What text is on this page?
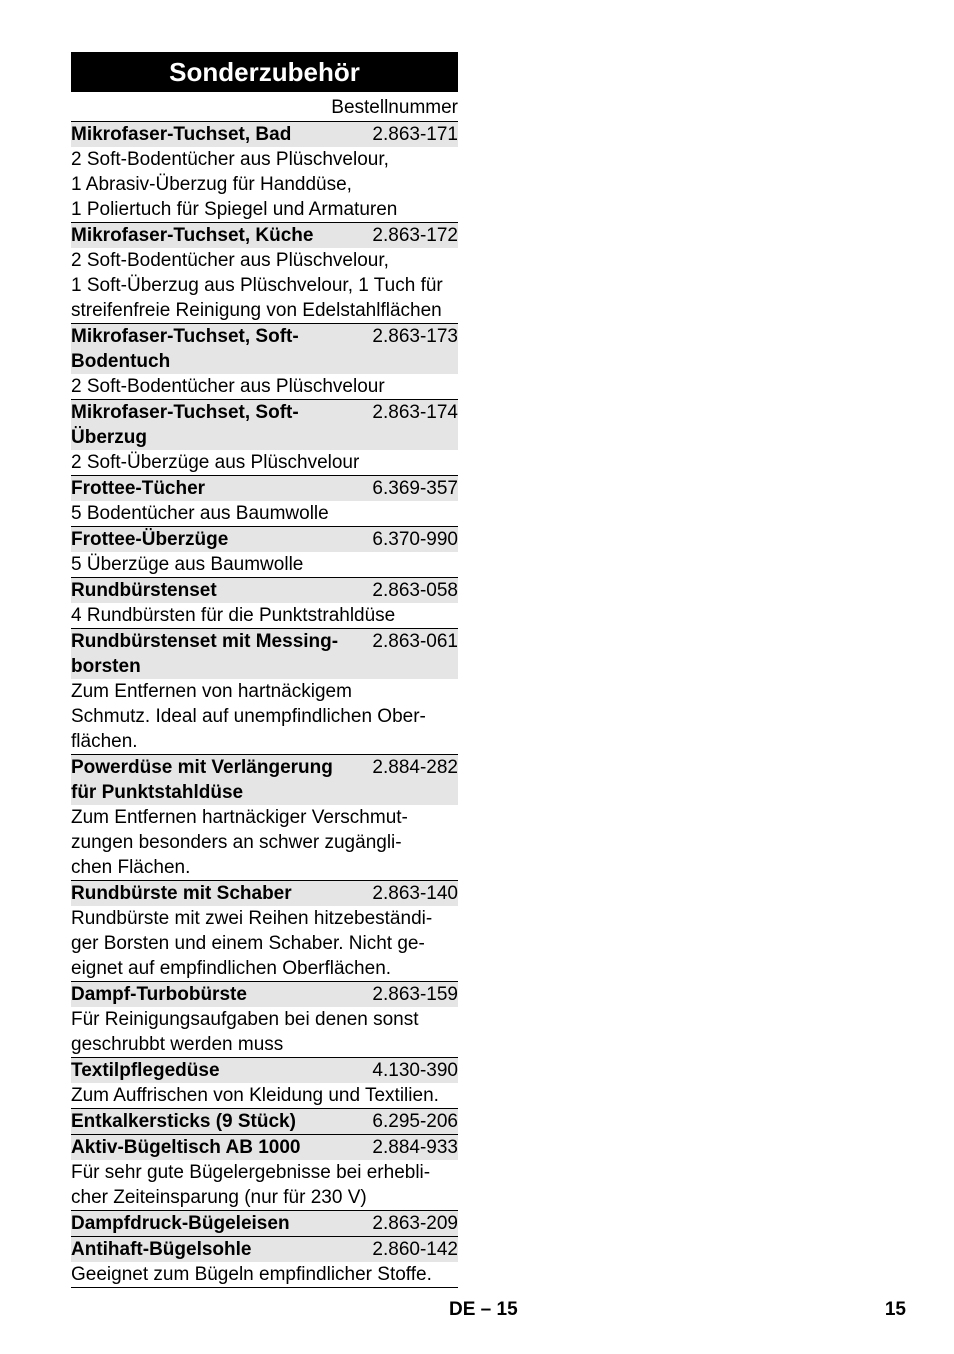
Sonderzubehör
Bestellnummer
Mikrofaser-Tuchset, Bad	2.863-171
2 Soft-Bodentücher aus Plüschvelour,
1 Abrasiv-Überzug für Handdüse,
1 Poliertuch für Spiegel und Armaturen
Mikrofaser-Tuchset, Küche	2.863-172
2 Soft-Bodentücher aus Plüschvelour,
1 Soft-Überzug aus Plüschvelour, 1 Tuch für
streifenfreie Reinigung von Edelstahlflächen
Mikrofaser-Tuchset, Soft-
Bodentuch
2.863-173
2 Soft-Bodentücher aus Plüschvelour
Mikrofaser-Tuchset, Soft-
Überzug
2.863-174
2 Soft-Überzüge aus Plüschvelour
Frottee-Tücher	6.369-357
5 Bodentücher aus Baumwolle
Frottee-Überzüge	6.370-990
5 Überzüge aus Baumwolle
Rundbürstenset	2.863-058
4 Rundbürsten für die Punktstrahldüse
Rundbürstenset mit Messing-
borsten
2.863-061
Zum Entfernen von hartnäckigem
Schmutz. Ideal auf unempfindlichen Ober-
flächen.
Powerdüse mit Verlängerung
für Punktstahldüse
2.884-282
Zum Entfernen hartnäckiger Verschmut-
zungen besonders an schwer zugängli-
chen Flächen.
Rundbürste mit Schaber	2.863-140
Rundbürste mit zwei Reihen hitzebeständi-
ger Borsten und einem Schaber. Nicht ge-
eignet auf empfindlichen Oberflächen.
Dampf-Turbobürste	2.863-159
Für Reinigungsaufgaben bei denen sonst
geschrubbt werden muss
Textilpflegedüse	4.130-390
Zum Auffrischen von Kleidung und Textilien.
Entkalkersticks (9 Stück)	6.295-206
Aktiv-Bügeltisch AB 1000	2.884-933
Für sehr gute Bügelergebnisse bei erhebli-
cher Zeiteinsparung (nur für 230 V)
Dampfdruck-Bügeleisen	2.863-209
Antihaft-Bügelsohle	2.860-142
Geeignet zum Bügeln empfindlicher Stoffe.
DE – 15	15
